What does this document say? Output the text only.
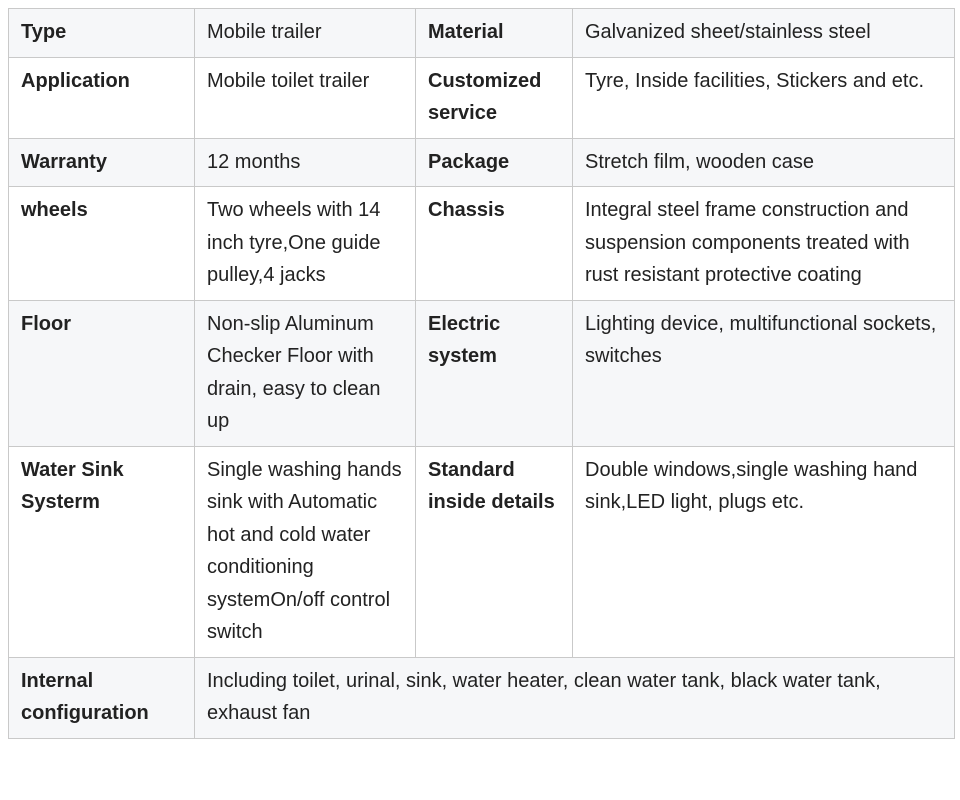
Type	Mobile trailer	Material	Galvanized sheet/stainless steel
Application	Mobile toilet trailer	Customized service	Tyre, Inside facilities, Stickers and etc.
Warranty	12 months	Package	Stretch film, wooden case
wheels	Two wheels with 14 inch tyre,One guide pulley,4 jacks	Chassis	Integral steel frame construction and suspension components treated with rust resistant protective coating
Floor	Non-slip Aluminum Checker Floor with drain, easy to clean up	Electric system	Lighting device, multifunctional sockets, switches
Water Sink Systerm	Single washing hands sink with Automatic hot and cold water conditioning systemOn/off control switch	Standard inside details	Double windows,single washing hand sink,LED light, plugs etc.
Internal configuration	Including toilet, urinal, sink, water heater, clean water tank, black water tank, exhaust fan		
